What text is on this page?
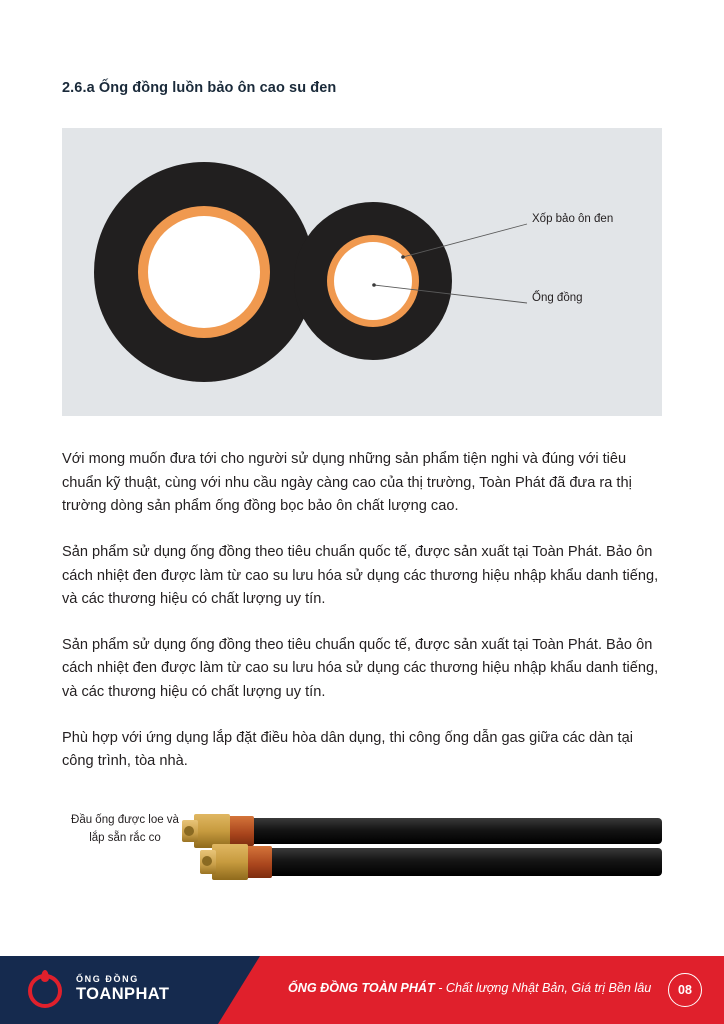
2.6.a Ống đồng luồn bảo ôn cao su đen
Xốp bảo ôn đen
Ống đồng

Với mong muốn đưa tới cho người sử dụng những sản phẩm tiện nghi và đúng với tiêu chuẩn kỹ thuật, cùng với nhu cầu ngày càng cao của thị trường, Toàn Phát đã đưa ra thị trường dòng sản phẩm ống đồng bọc bảo ôn chất lượng cao.

Sản phẩm sử dụng ống đồng theo tiêu chuẩn quốc tế, được sản xuất tại Toàn Phát. Bảo ôn cách nhiệt đen được làm từ cao su lưu hóa sử dụng các thương hiệu nhập khẩu danh tiếng, và các thương hiệu có chất lượng uy tín.

Sản phẩm sử dụng ống đồng theo tiêu chuẩn quốc tế, được sản xuất tại Toàn Phát. Bảo ôn cách nhiệt đen được làm từ cao su lưu hóa sử dụng các thương hiệu nhập khẩu danh tiếng, và các thương hiệu có chất lượng uy tín.

Phù hợp với ứng dụng lắp đặt điều hòa dân dụng, thi công ống dẫn gas giữa các dàn tại công trình, tòa nhà.

Đầu ống được loe và lắp sẵn rắc co
ỐNG ĐỒNG
TOANPHAT	ỐNG ĐỒNG TOÀN PHÁT - Chất lượng Nhật Bản, Giá trị Bền lâu	08
